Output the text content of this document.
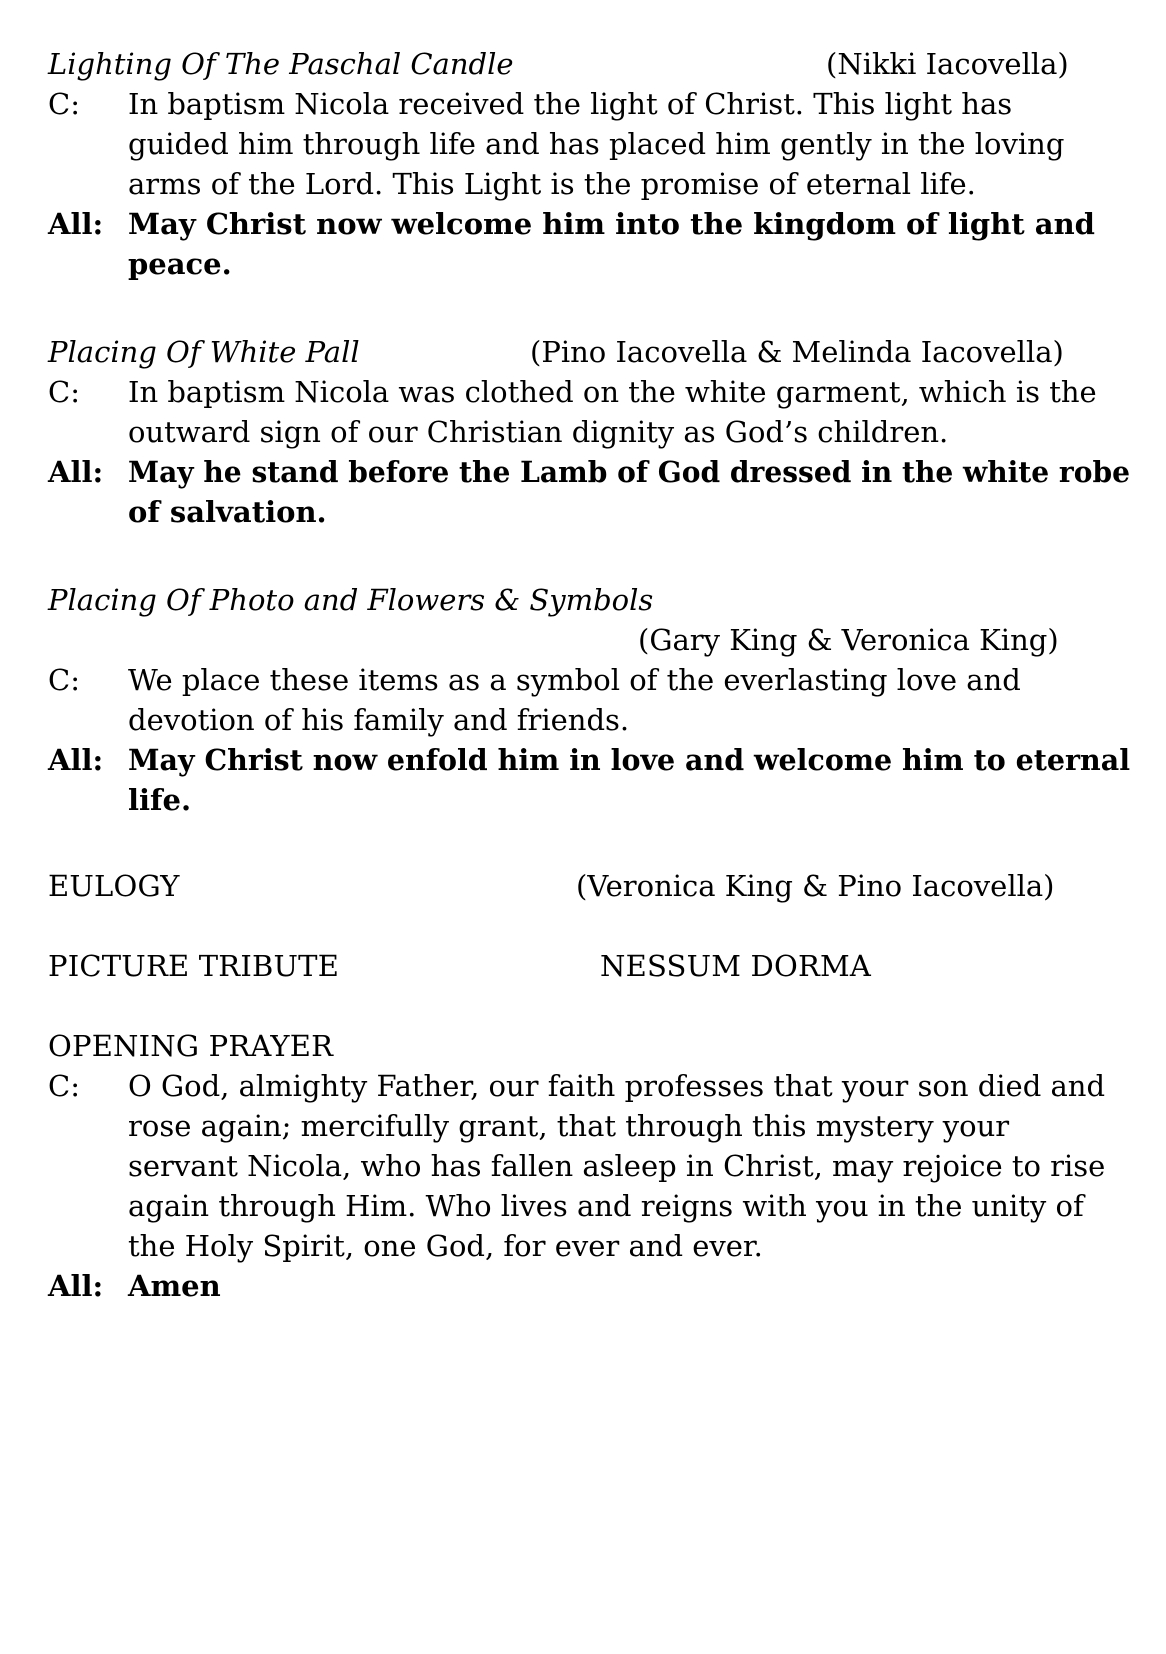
Lighting Of The Paschal Candle	(Nikki Iacovella)
C: In baptism Nicola received the light of Christ. This light has
guided him through life and has placed him gently in the loving
arms of the Lord. This Light is the promise of eternal life.
All: May Christ now welcome him into the kingdom of light and
peace.
Placing Of White Pall	(Pino Iacovella & Melinda Iacovella)
C: In baptism Nicola was clothed on the white garment, which is the
outward sign of our Christian dignity as God’s children.
All: May he stand before the Lamb of God dressed in the white robe
of salvation.
Placing Of Photo and Flowers & Symbols
(Gary King & Veronica King)
C: We place these items as a symbol of the everlasting love and
devotion of his family and friends.
All: May Christ now enfold him in love and welcome him to eternal
life.
EULOGY	(Veronica King & Pino Iacovella)
PICTURE TRIBUTE	NESSUM DORMA
OPENING PRAYER
C: O God, almighty Father, our faith professes that your son died and
rose again; mercifully grant, that through this mystery your
servant Nicola, who has fallen asleep in Christ, may rejoice to rise
again through Him. Who lives and reigns with you in the unity of
the Holy Spirit, one God, for ever and ever.
All: Amen
